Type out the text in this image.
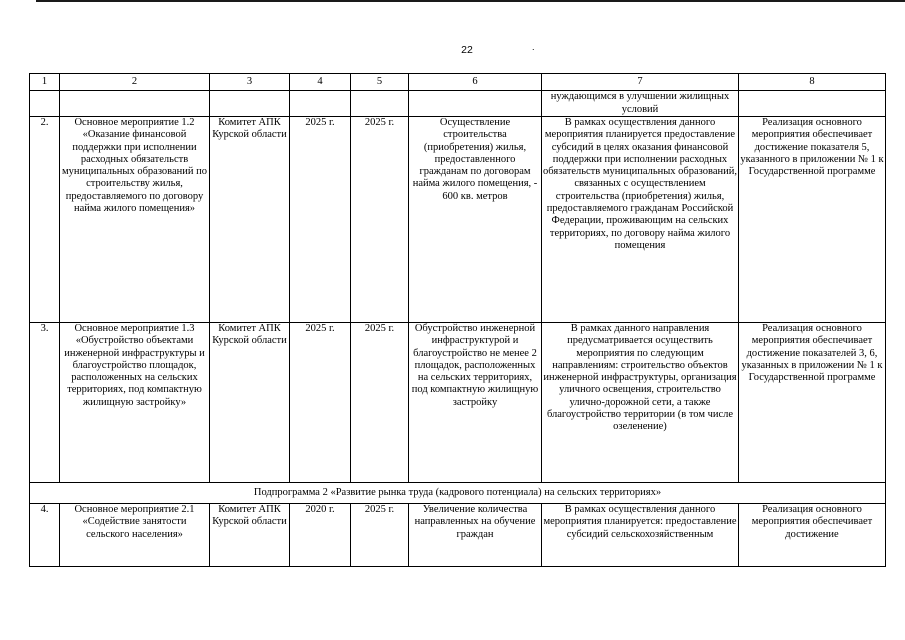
22	.
1	2	3	4	5	6	7	8
						нуждающимся в улучшении жилищных условий	
2.	Основное мероприятие 1.2 «Оказание финансовой поддержки при исполнении расходных обязательств муниципальных образований по строительству жилья, предоставляемого по договору найма жилого помещения»	Комитет АПК Курской области	2025 г.	2025 г.	Осуществление строительства (приобретения) жилья, предоставленного гражданам по договорам найма жилого помещения, - 600 кв. метров	В рамках осуществления данного мероприятия планируется предоставление субсидий в целях оказания финансовой поддержки при исполнении расходных обязательств муниципальных образований, связанных с осуществлением строительства (приобретения) жилья, предоставляемого гражданам Российской Федерации, проживающим на сельских территориях, по договору найма жилого помещения	Реализация основного мероприятия обеспечивает достижение показателя 5, указанного в приложении № 1 к Государственной программе
3.	Основное мероприятие 1.3 «Обустройство объектами инженерной инфраструктуры и благоустройство площадок, расположенных на сельских территориях, под компактную жилищную застройку»	Комитет АПК Курской области	2025 г.	2025 г.	Обустройство инженерной инфраструктурой и благоустройство не менее 2 площадок, расположенных на сельских территориях, под компактную жилищную застройку	В рамках данного направления предусматривается осуществить мероприятия по следующим направлениям: строительство объектов инженерной инфраструктуры, организация уличного освещения, строительство улично-дорожной сети, а также благоустройство территории (в том числе озеленение)	Реализация основного мероприятия обеспечивает достижение показателей 3, 6, указанных в приложении № 1 к Государственной программе
Подпрограмма 2 «Развитие рынка труда (кадрового потенциала) на сельских территориях»							
4.	Основное мероприятие 2.1 «Содействие занятости сельского населения»	Комитет АПК Курской области	2020 г.	2025 г.	Увеличение количества направленных на обучение граждан	В рамках осуществления данного мероприятия планируется: предоставление субсидий сельскохозяйственным	Реализация основного мероприятия обеспечивает достижение
